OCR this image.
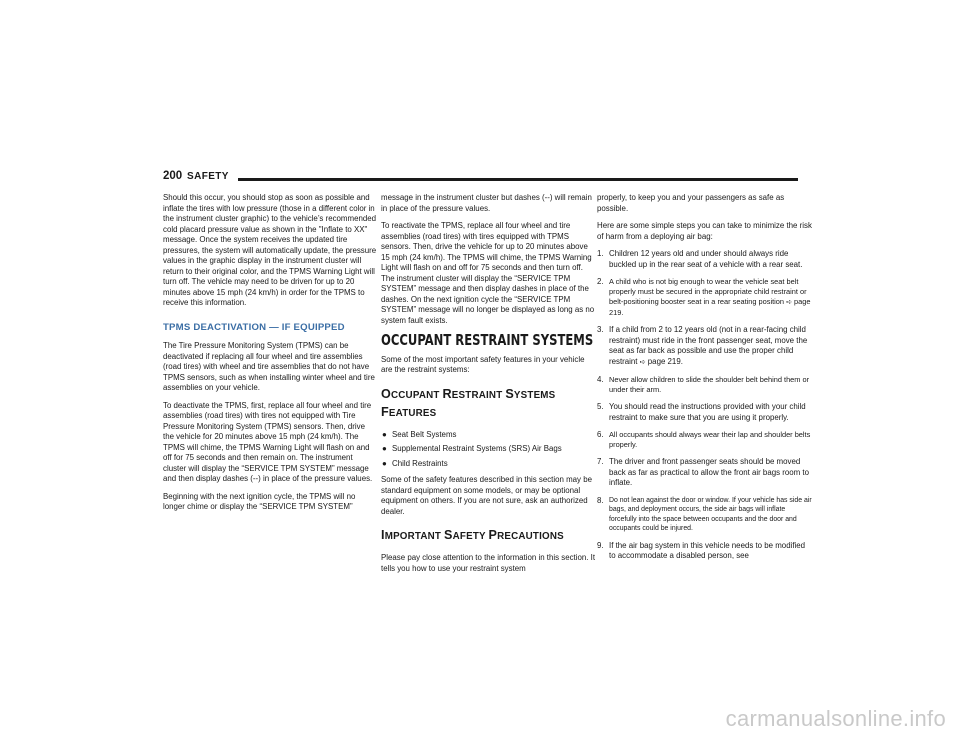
200 SAFETY

Should this occur, you should stop as soon as possible and inflate the tires with low pressure (those in a different color in the instrument cluster graphic) to the vehicle’s recommended cold placard pressure value as shown in the "Inflate to XX" message. Once the system receives the updated tire pressures, the system will automatically update, the pressure values in the graphic display in the instrument cluster will return to their original color, and the TPMS Warning Light will turn off. The vehicle may need to be driven for up to 20 minutes above 15 mph (24 km/h) in order for the TPMS to receive this information.

TPMS DEACTIVATION — IF EQUIPPED

The Tire Pressure Monitoring System (TPMS) can be deactivated if replacing all four wheel and tire assemblies (road tires) with wheel and tire assemblies that do not have TPMS sensors, such as when installing winter wheel and tire assemblies on your vehicle.

To deactivate the TPMS, first, replace all four wheel and tire assemblies (road tires) with tires not equipped with Tire Pressure Monitoring System (TPMS) sensors. Then, drive the vehicle for 20 minutes above 15 mph (24 km/h). The TPMS will chime, the TPMS Warning Light will flash on and off for 75 seconds and then remain on. The instrument cluster will display the “SERVICE TPM SYSTEM” message and then display dashes (--) in place of the pressure values.

Beginning with the next ignition cycle, the TPMS will no longer chime or display the “SERVICE TPM SYSTEM”

message in the instrument cluster but dashes (--) will remain in place of the pressure values.

To reactivate the TPMS, replace all four wheel and tire assemblies (road tires) with tires equipped with TPMS sensors. Then, drive the vehicle for up to 20 minutes above 15 mph (24 km/h). The TPMS will chime, the TPMS Warning Light will flash on and off for 75 seconds and then turn off. The instrument cluster will display the “SERVICE TPM SYSTEM” message and then display dashes in place of the dashes. On the next ignition cycle the “SERVICE TPM SYSTEM” message will no longer be displayed as long as no system fault exists.

OCCUPANT RESTRAINT SYSTEMS

Some of the most important safety features in your vehicle are the restraint systems:

OCCUPANT RESTRAINT SYSTEMS
FEATURES
● Seat Belt Systems
● Supplemental Restraint Systems (SRS) Air Bags
● Child Restraints

Some of the safety features described in this section may be standard equipment on some models, or may be optional equipment on others. If you are not sure, ask an authorized dealer.

IMPORTANT SAFETY PRECAUTIONS

Please pay close attention to the information in this section. It tells you how to use your restraint system

properly, to keep you and your passengers as safe as possible.

Here are some simple steps you can take to minimize the risk of harm from a deploying air bag:

1. Children 12 years old and under should always ride buckled up in the rear seat of a vehicle with a rear seat.
2. A child who is not big enough to wear the vehicle seat belt properly must be secured in the appropriate child restraint or belt-positioning booster seat in a rear seating position ➪ page 219.
3. If a child from 2 to 12 years old (not in a rear-facing child restraint) must ride in the front passenger seat, move the seat as far back as possible and use the proper child restraint ➪ page 219.
4. Never allow children to slide the shoulder belt behind them or under their arm.
5. You should read the instructions provided with your child restraint to make sure that you are using it properly.
6. All occupants should always wear their lap and shoulder belts properly.
7. The driver and front passenger seats should be moved back as far as practical to allow the front air bags room to inflate.
8. Do not lean against the door or window. If your vehicle has side air bags, and deployment occurs, the side air bags will inflate forcefully into the space between occupants and the door and occupants could be injured.
9. If the air bag system in this vehicle needs to be modified to accommodate a disabled person, see
carmanualsonline.info
